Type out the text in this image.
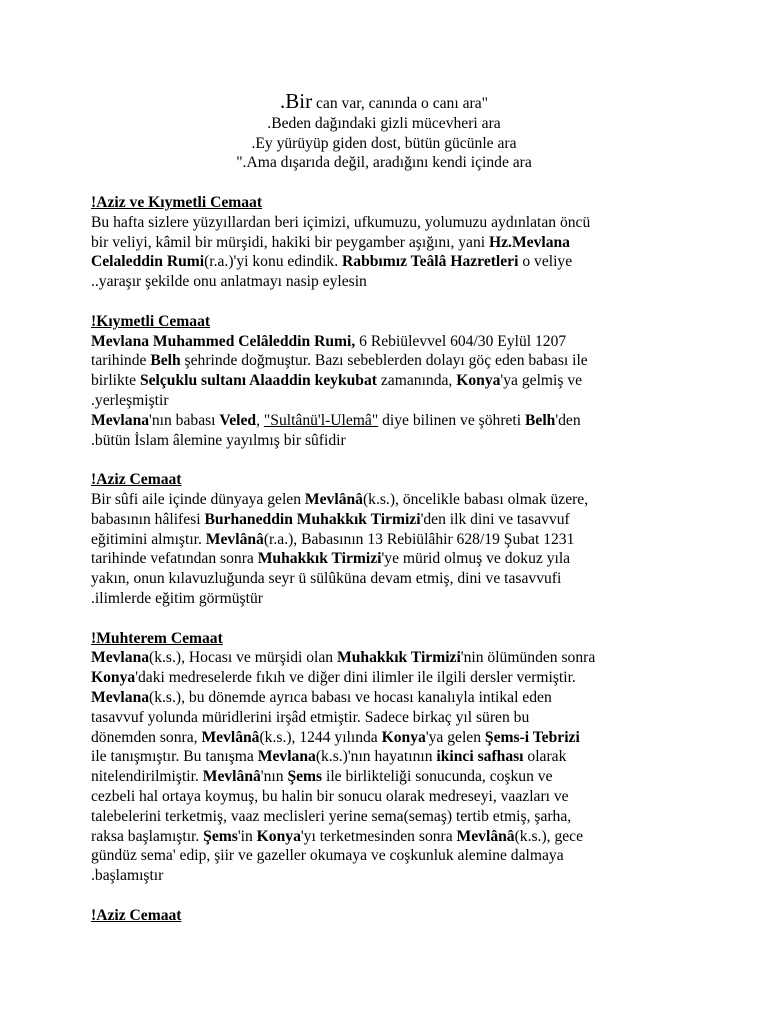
.Bir can var, canında o canı ara"
.Beden dağındaki gizli mücevheri ara
.Ey yürüyüp giden dost, bütün gücünle ara
".Ama dışarıda değil, aradığını kendi içinde ara
!Aziz ve Kıymetli Cemaat
Bu hafta sizlere yüzyıllardan beri içimizi, ufkumuzu, yolumuzu aydınlatan öncü
bir veliyi, kâmil bir mürşidi, hakiki bir peygamber aşığını, yani Hz.Mevlana
Celaleddin Rumi(r.a.)'yi konu edindik. Rabbımız Teâlâ Hazretleri o veliye
..yaraşır şekilde onu anlatmayı nasip eylesin
!Kıymetli Cemaat
Mevlana Muhammed Celâleddin Rumi, 6 Rebiülevvel 604/30 Eylül 1207
tarihinde Belh şehrinde doğmuştur. Bazı sebeblerden dolayı göç eden babası ile
birlikte Selçuklu sultanı Alaaddin keykubat zamanında, Konya'ya gelmiş ve
.yerleşmiştir
Mevlana'nın babası Veled, "Sultânü'l-Ulemâ" diye bilinen ve şöhreti Belh'den
.bütün İslam âlemine yayılmış bir sûfidir
!Aziz Cemaat
Bir sûfi aile içinde dünyaya gelen Mevlânâ(k.s.), öncelikle babası olmak üzere,
babasının hâlifesi Burhaneddin Muhakkık Tirmizi'den ilk dini ve tasavvuf
eğitimini almıştır. Mevlânâ(r.a.), Babasının 13 Rebiülâhir 628/19 Şubat 1231
tarihinde vefatından sonra Muhakkık Tirmizi'ye mürid olmuş ve dokuz yıla
yakın, onun kılavuzluğunda seyr ü sülûküna devam etmiş, dini ve tasavvufi
.ilimlerde eğitim görmüştür
!Muhterem Cemaat
Mevlana(k.s.), Hocası ve mürşidi olan Muhakkık Tirmizi'nin ölümünden sonra
Konya'daki medreselerde fıkıh ve diğer dini ilimler ile ilgili dersler vermiştir.
Mevlana(k.s.), bu dönemde ayrıca babası ve hocası kanalıyla intikal eden
tasavvuf yolunda müridlerini irşâd etmiştir. Sadece birkaç yıl süren bu
dönemden sonra, Mevlânâ(k.s.), 1244 yılında Konya'ya gelen Şems-i Tebrizi
ile tanışmıştır. Bu tanışma Mevlana(k.s.)'nın hayatının ikinci safhası olarak
nitelendirilmiştir. Mevlânâ'nın Şems ile birlikteliği sonucunda, coşkun ve
cezbeli hal ortaya koymuş, bu halin bir sonucu olarak medreseyi, vaazları ve
talebelerini terketmiş, vaaz meclisleri yerine sema(semaş) tertib etmiş, şarha,
raksa başlamıştır. Şems'in Konya'yı terketmesinden sonra Mevlânâ(k.s.), gece
gündüz sema' edip, şiir ve gazeller okumaya ve coşkunluk alemine dalmaya
.başlamıştır
!Aziz Cemaat
